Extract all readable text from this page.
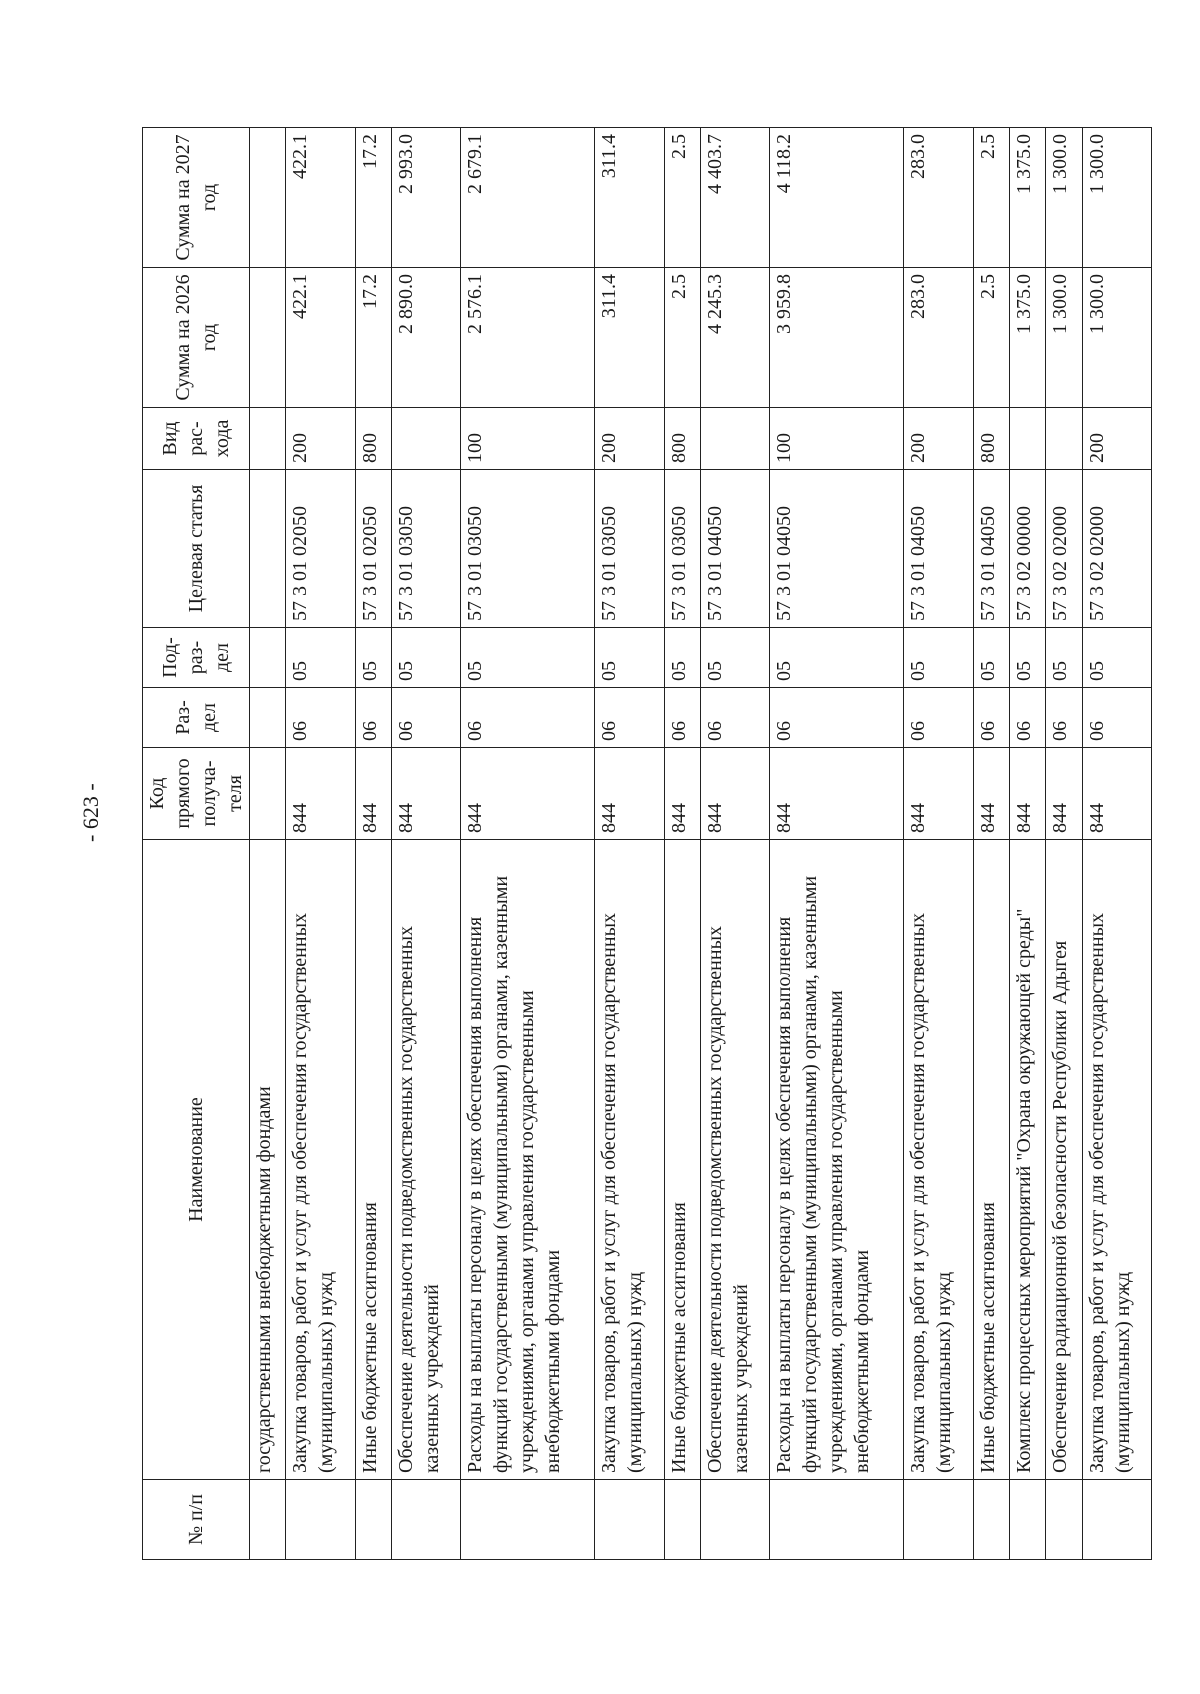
- 623 -
№ п/п	Наименование	Код прямого получа-теля	Раз-дел	Под-раз-дел	Целевая статья	Вид рас-хода	Сумма на 2026 год	Сумма на 2027 год
	государственными внебюджетными фондами							
	Закупка товаров, работ и услуг для обеспечения государственных (муниципальных) нужд	844	06	05	57 3 01 02050	200	422.1	422.1
	Иные бюджетные ассигнования	844	06	05	57 3 01 02050	800	17.2	17.2
	Обеспечение деятельности подведомственных государственных казенных учреждений	844	06	05	57 3 01 03050		2 890.0	2 993.0
	Расходы на выплаты персоналу в целях обеспечения выполнения функций государственными (муниципальными) органами, казенными учреждениями, органами управления государственными внебюджетными фондами	844	06	05	57 3 01 03050	100	2 576.1	2 679.1
	Закупка товаров, работ и услуг для обеспечения государственных (муниципальных) нужд	844	06	05	57 3 01 03050	200	311.4	311.4
	Иные бюджетные ассигнования	844	06	05	57 3 01 03050	800	2.5	2.5
	Обеспечение деятельности подведомственных государственных казенных учреждений	844	06	05	57 3 01 04050		4 245.3	4 403.7
	Расходы на выплаты персоналу в целях обеспечения выполнения функций государственными (муниципальными) органами, казенными учреждениями, органами управления государственными внебюджетными фондами	844	06	05	57 3 01 04050	100	3 959.8	4 118.2
	Закупка товаров, работ и услуг для обеспечения государственных (муниципальных) нужд	844	06	05	57 3 01 04050	200	283.0	283.0
	Иные бюджетные ассигнования	844	06	05	57 3 01 04050	800	2.5	2.5
	Комплекс процессных мероприятий "Охрана окружающей среды"	844	06	05	57 3 02 00000		1 375.0	1 375.0
	Обеспечение радиационной безопасности Республики Адыгея	844	06	05	57 3 02 02000		1 300.0	1 300.0
	Закупка товаров, работ и услуг для обеспечения государственных (муниципальных) нужд	844	06	05	57 3 02 02000	200	1 300.0	1 300.0
